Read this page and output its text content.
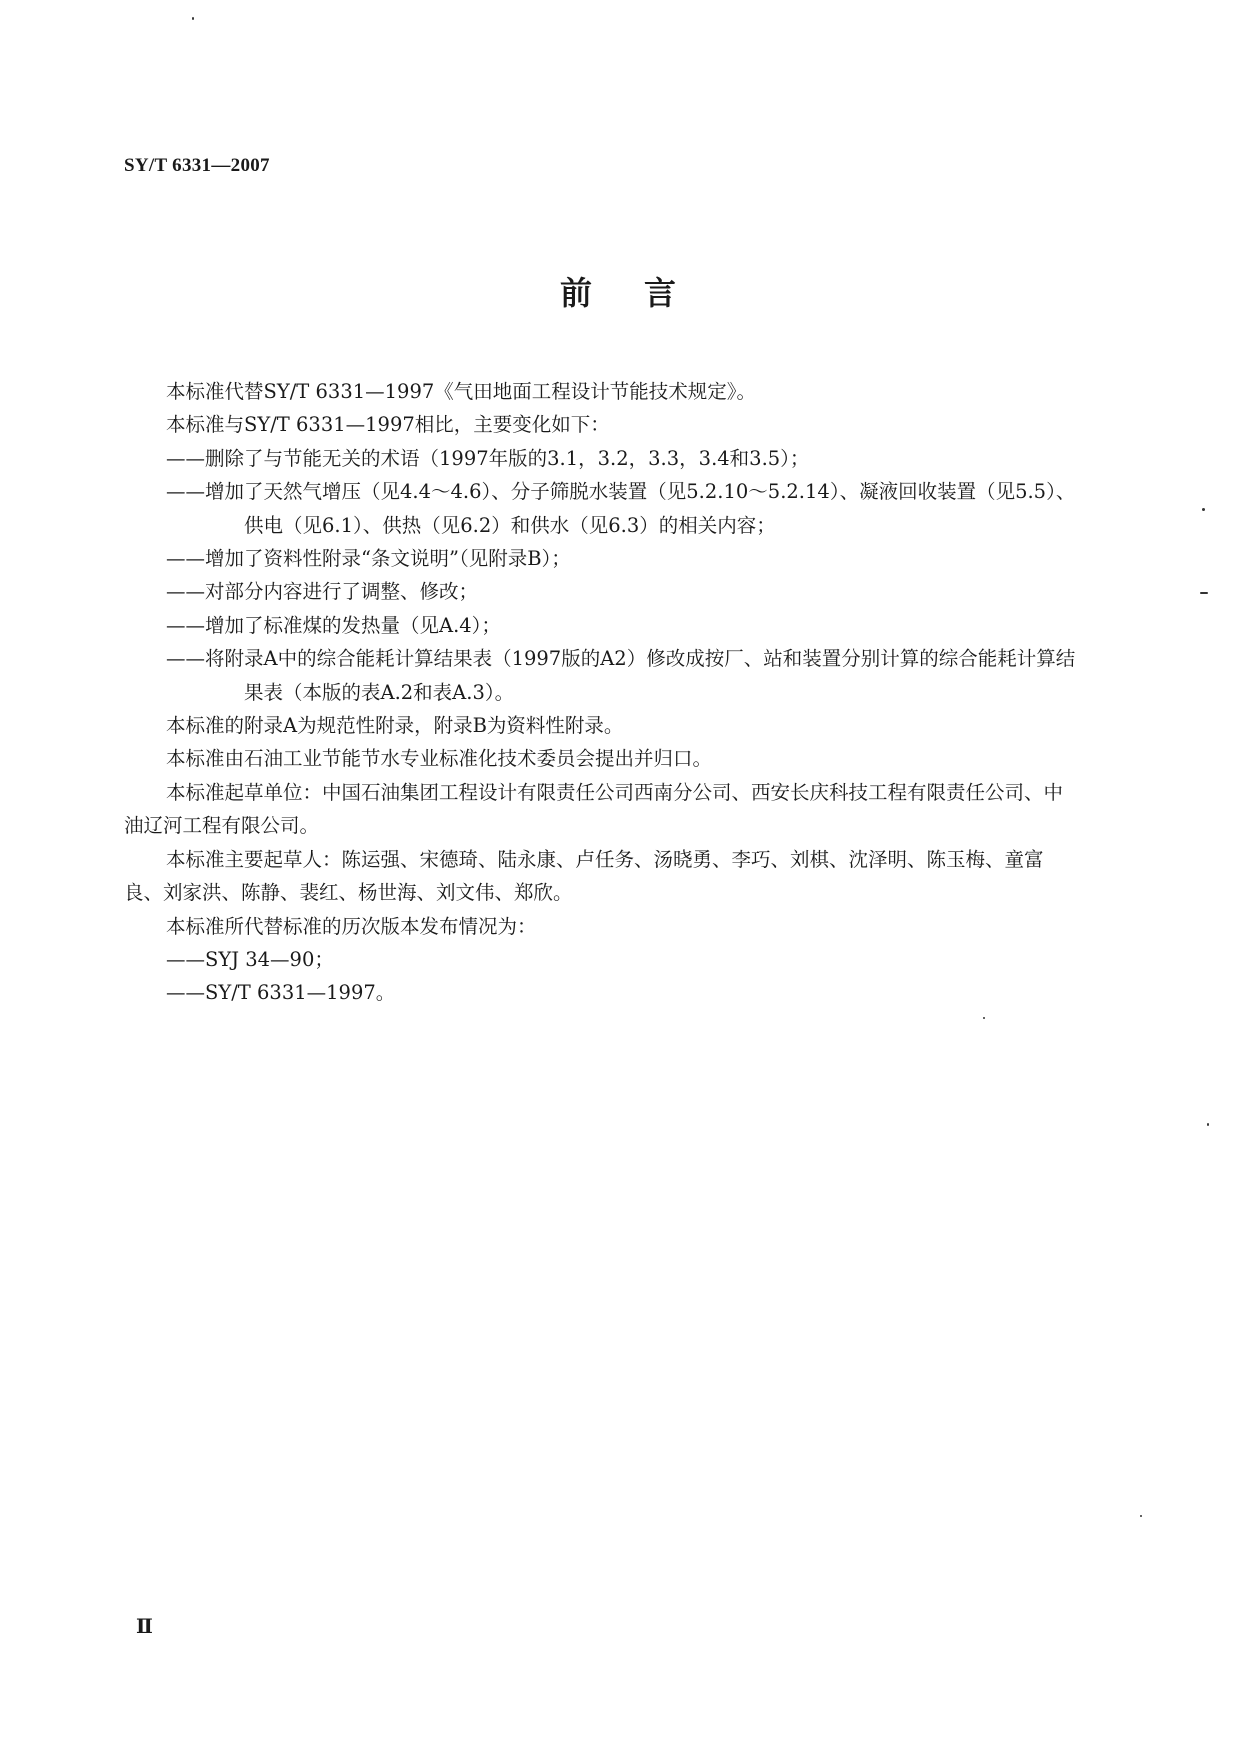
SY/T 6331—2007
前言

本标准代替SY/T 6331—1997《气田地面工程设计节能技术规定》。

本标准与SY/T 6331—1997相比，主要变化如下：

——删除了与节能无关的术语（1997年版的3.1，3.2，3.3，3.4和3.5）；

——增加了天然气增压（见4.4～4.6）、分子筛脱水装置（见5.2.10～5.2.14）、凝液回收装置（见5.5）、供电（见6.1）、供热（见6.2）和供水（见6.3）的相关内容；

——增加了资料性附录“条文说明”（见附录B）；

——对部分内容进行了调整、修改；

——增加了标准煤的发热量（见A.4）；

——将附录A中的综合能耗计算结果表（1997版的A2）修改成按厂、站和装置分别计算的综合能耗计算结果表（本版的表A.2和表A.3）。

本标准的附录A为规范性附录，附录B为资料性附录。

本标准由石油工业节能节水专业标准化技术委员会提出并归口。

本标准起草单位：中国石油集团工程设计有限责任公司西南分公司、西安长庆科技工程有限责任公司、中油辽河工程有限公司。

本标准主要起草人：陈运强、宋德琦、陆永康、卢任务、汤晓勇、李巧、刘棋、沈泽明、陈玉梅、童富良、刘家洪、陈静、裴红、杨世海、刘文伟、郑欣。

本标准所代替标准的历次版本发布情况为：

——SYJ 34—90；

——SY/T 6331—1997。

Ⅱ
